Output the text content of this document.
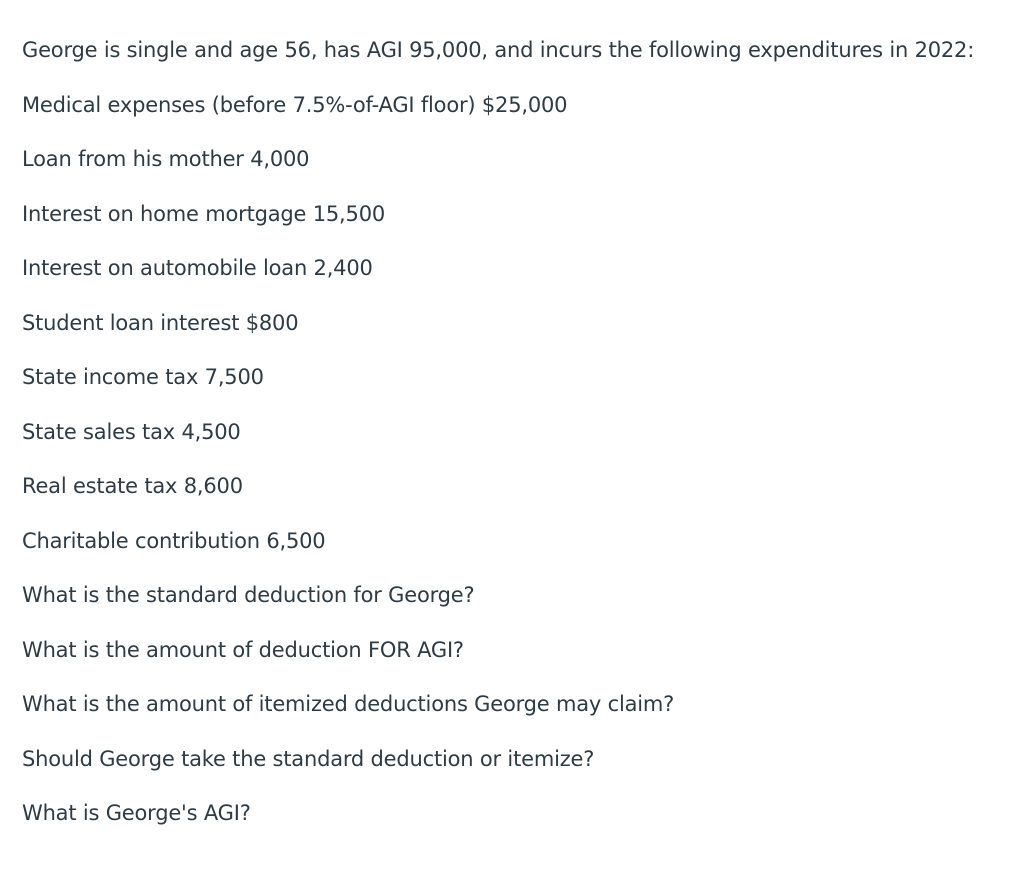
George is single and age 56, has AGI 95,000, and incurs the following expenditures in 2022:

Medical expenses (before 7.5%-of-AGI floor) $25,000

Loan from his mother 4,000

Interest on home mortgage 15,500

Interest on automobile loan 2,400

Student loan interest $800

State income tax 7,500

State sales tax 4,500

Real estate tax 8,600

Charitable contribution 6,500

What is the standard deduction for George?

What is the amount of deduction FOR AGI?

What is the amount of itemized deductions George may claim?

Should George take the standard deduction or itemize?

What is George's AGI?
